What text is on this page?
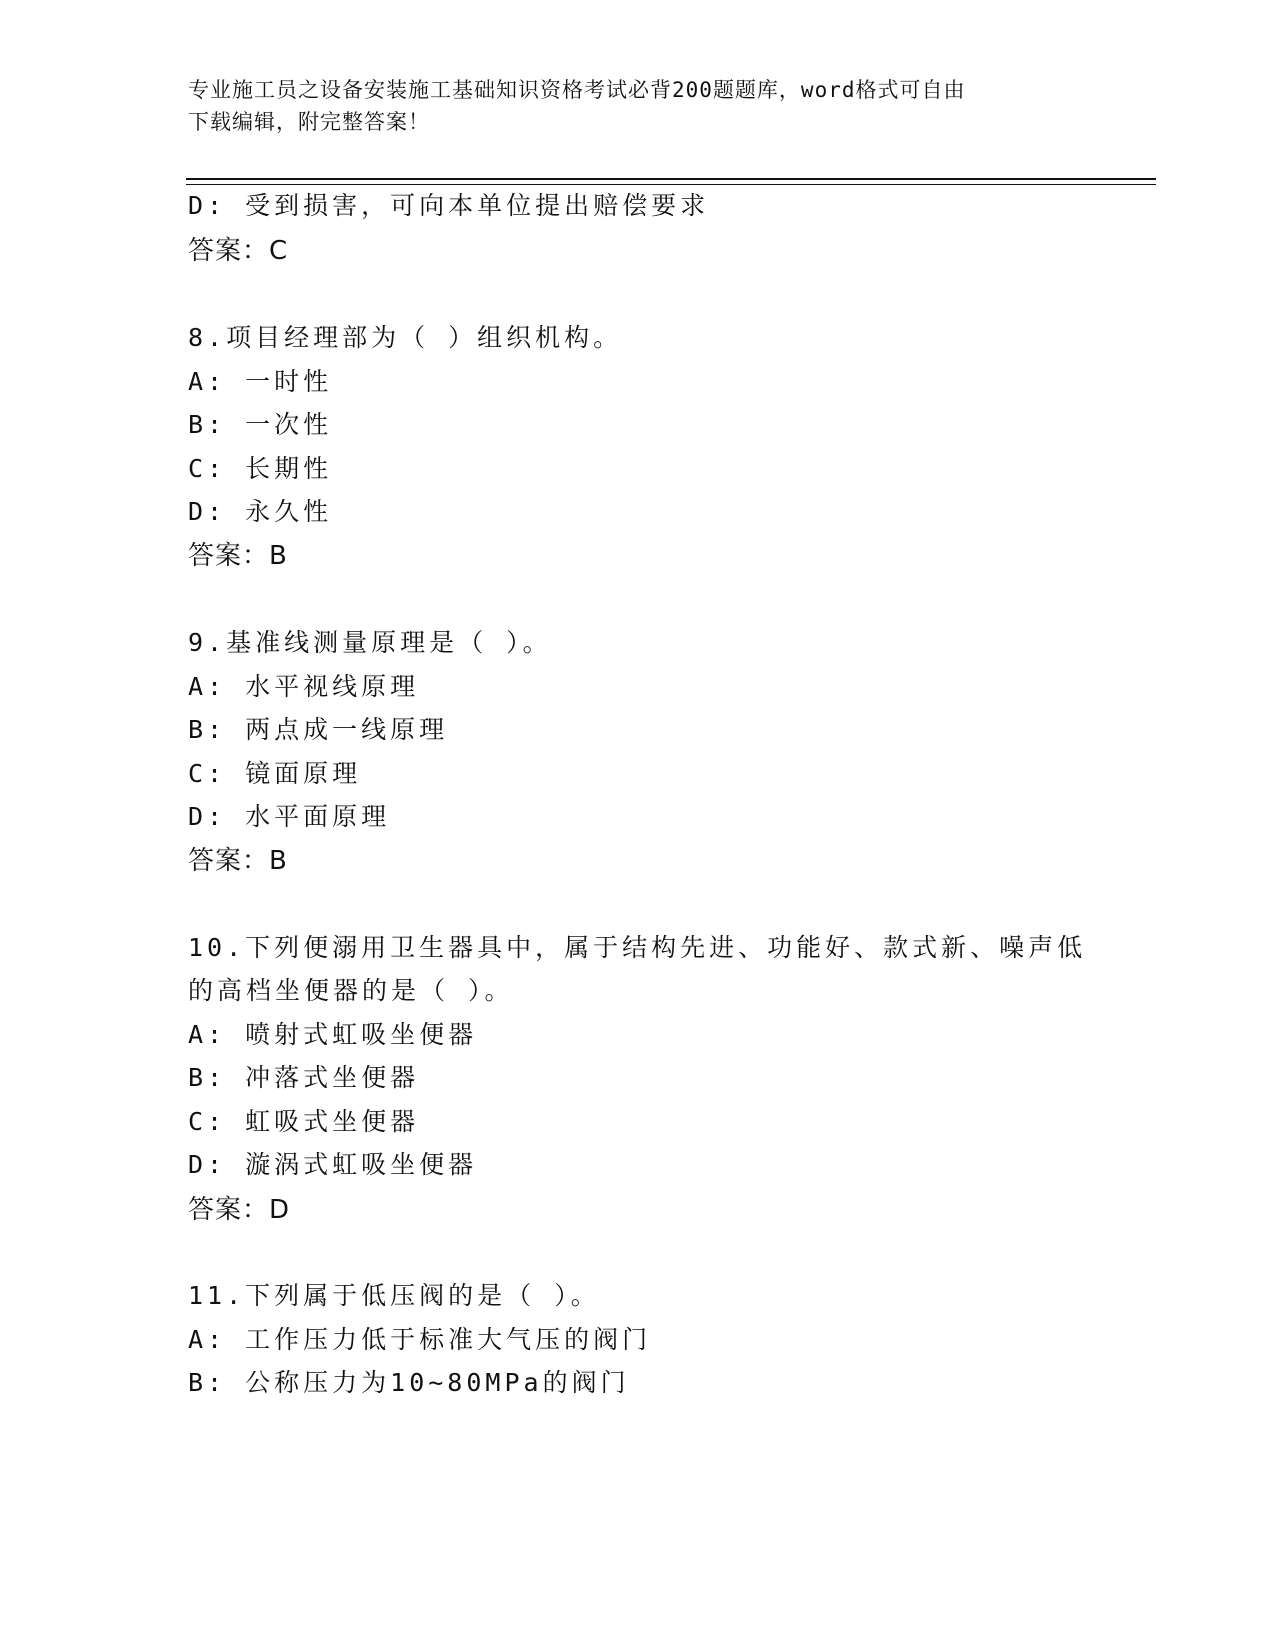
专业施工员之设备安装施工基础知识资格考试必背200题题库，word格式可自由
下载编辑，附完整答案！
D: 受到损害，可向本单位提出赔偿要求
答案：C
8.项目经理部为（ ）组织机构。
A: 一时性
B: 一次性
C: 长期性
D: 永久性
答案：B
9.基准线测量原理是（ ）。
A: 水平视线原理
B: 两点成一线原理
C: 镜面原理
D: 水平面原理
答案：B
10.下列便溺用卫生器具中，属于结构先进、功能好、款式新、噪声低
的高档坐便器的是（ ）。
A: 喷射式虹吸坐便器
B: 冲落式坐便器
C: 虹吸式坐便器
D: 漩涡式虹吸坐便器
答案：D
11.下列属于低压阀的是（ ）。
A: 工作压力低于标准大气压的阀门
B: 公称压力为10~80MPa的阀门
